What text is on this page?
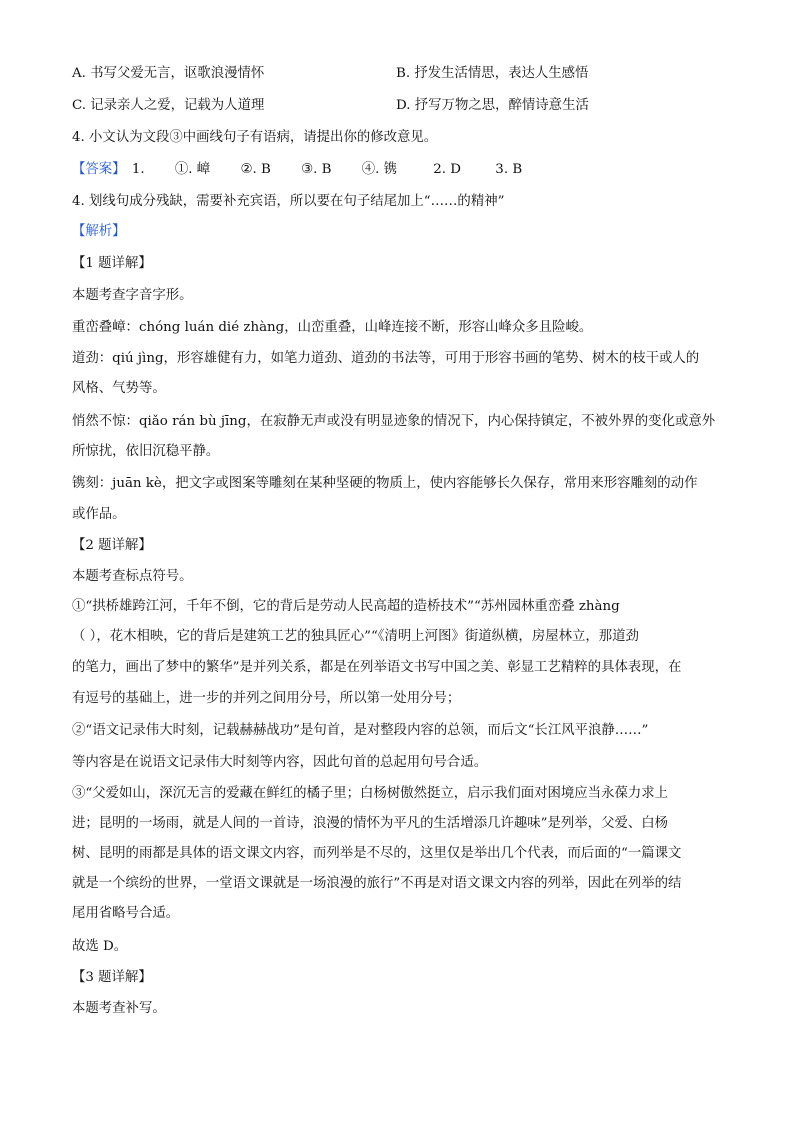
A. 书写父爱无言，讴歌浪漫情怀	B. 抒发生活情思，表达人生感悟
C. 记录亲人之爱，记载为人道理	D. 抒写万物之思，醉情诗意生活
4. 小文认为文段③中画线句子有语病，请提出你的修改意见。
【答案】 1. ①. 嶂 ②. B ③. B ④. 镌	2. D	3. B
4. 划线句成分残缺，需要补充宾语，所以要在句子结尾加上“……的精神”
【解析】
【1 题详解】
本题考查字音字形。
重峦叠嶂：chóng luán dié zhàng，山峦重叠，山峰连接不断，形容山峰众多且险峻。
道劲：qiú jìng，形容雄健有力，如笔力道劲、道劲的书法等，可用于形容书画的笔势、树木的枝干或人的
风格、气势等。
悄然不惊：qiǎo rán bù jīng，在寂静无声或没有明显迹象的情况下，内心保持镇定，不被外界的变化或意外
所惊扰，依旧沉稳平静。
镌刻：juān kè，把文字或图案等雕刻在某种坚硬的物质上，使内容能够长久保存，常用来形容雕刻的动作
或作品。
【2 题详解】
本题考查标点符号。
①“拱桥雄跨江河，千年不倒，它的背后是劳动人民高超的造桥技术”“苏州园林重峦叠 zhàng
（ ），花木相映，它的背后是建筑工艺的独具匠心”“《清明上河图》街道纵横，房屋林立，那道劲
的笔力，画出了梦中的繁华”是并列关系，都是在列举语文书写中国之美、彰显工艺精粹的具体表现，在
有逗号的基础上，进一步的并列之间用分号，所以第一处用分号；
②“语文记录伟大时刻，记载赫赫战功”是句首，是对整段内容的总领，而后文“长江风平浪静……”
等内容是在说语文记录伟大时刻等内容，因此句首的总起用句号合适。
③“父爱如山，深沉无言的爱藏在鲜红的橘子里；白杨树傲然挺立，启示我们面对困境应当永葆力求上
进；昆明的一场雨，就是人间的一首诗，浪漫的情怀为平凡的生活增添几许趣味”是列举，父爱、白杨
树、昆明的雨都是具体的语文课文内容，而列举是不尽的，这里仅是举出几个代表，而后面的“一篇课文
就是一个缤纷的世界，一堂语文课就是一场浪漫的旅行”不再是对语文课文内容的列举，因此在列举的结
尾用省略号合适。
故选 D。
【3 题详解】
本题考查补写。
